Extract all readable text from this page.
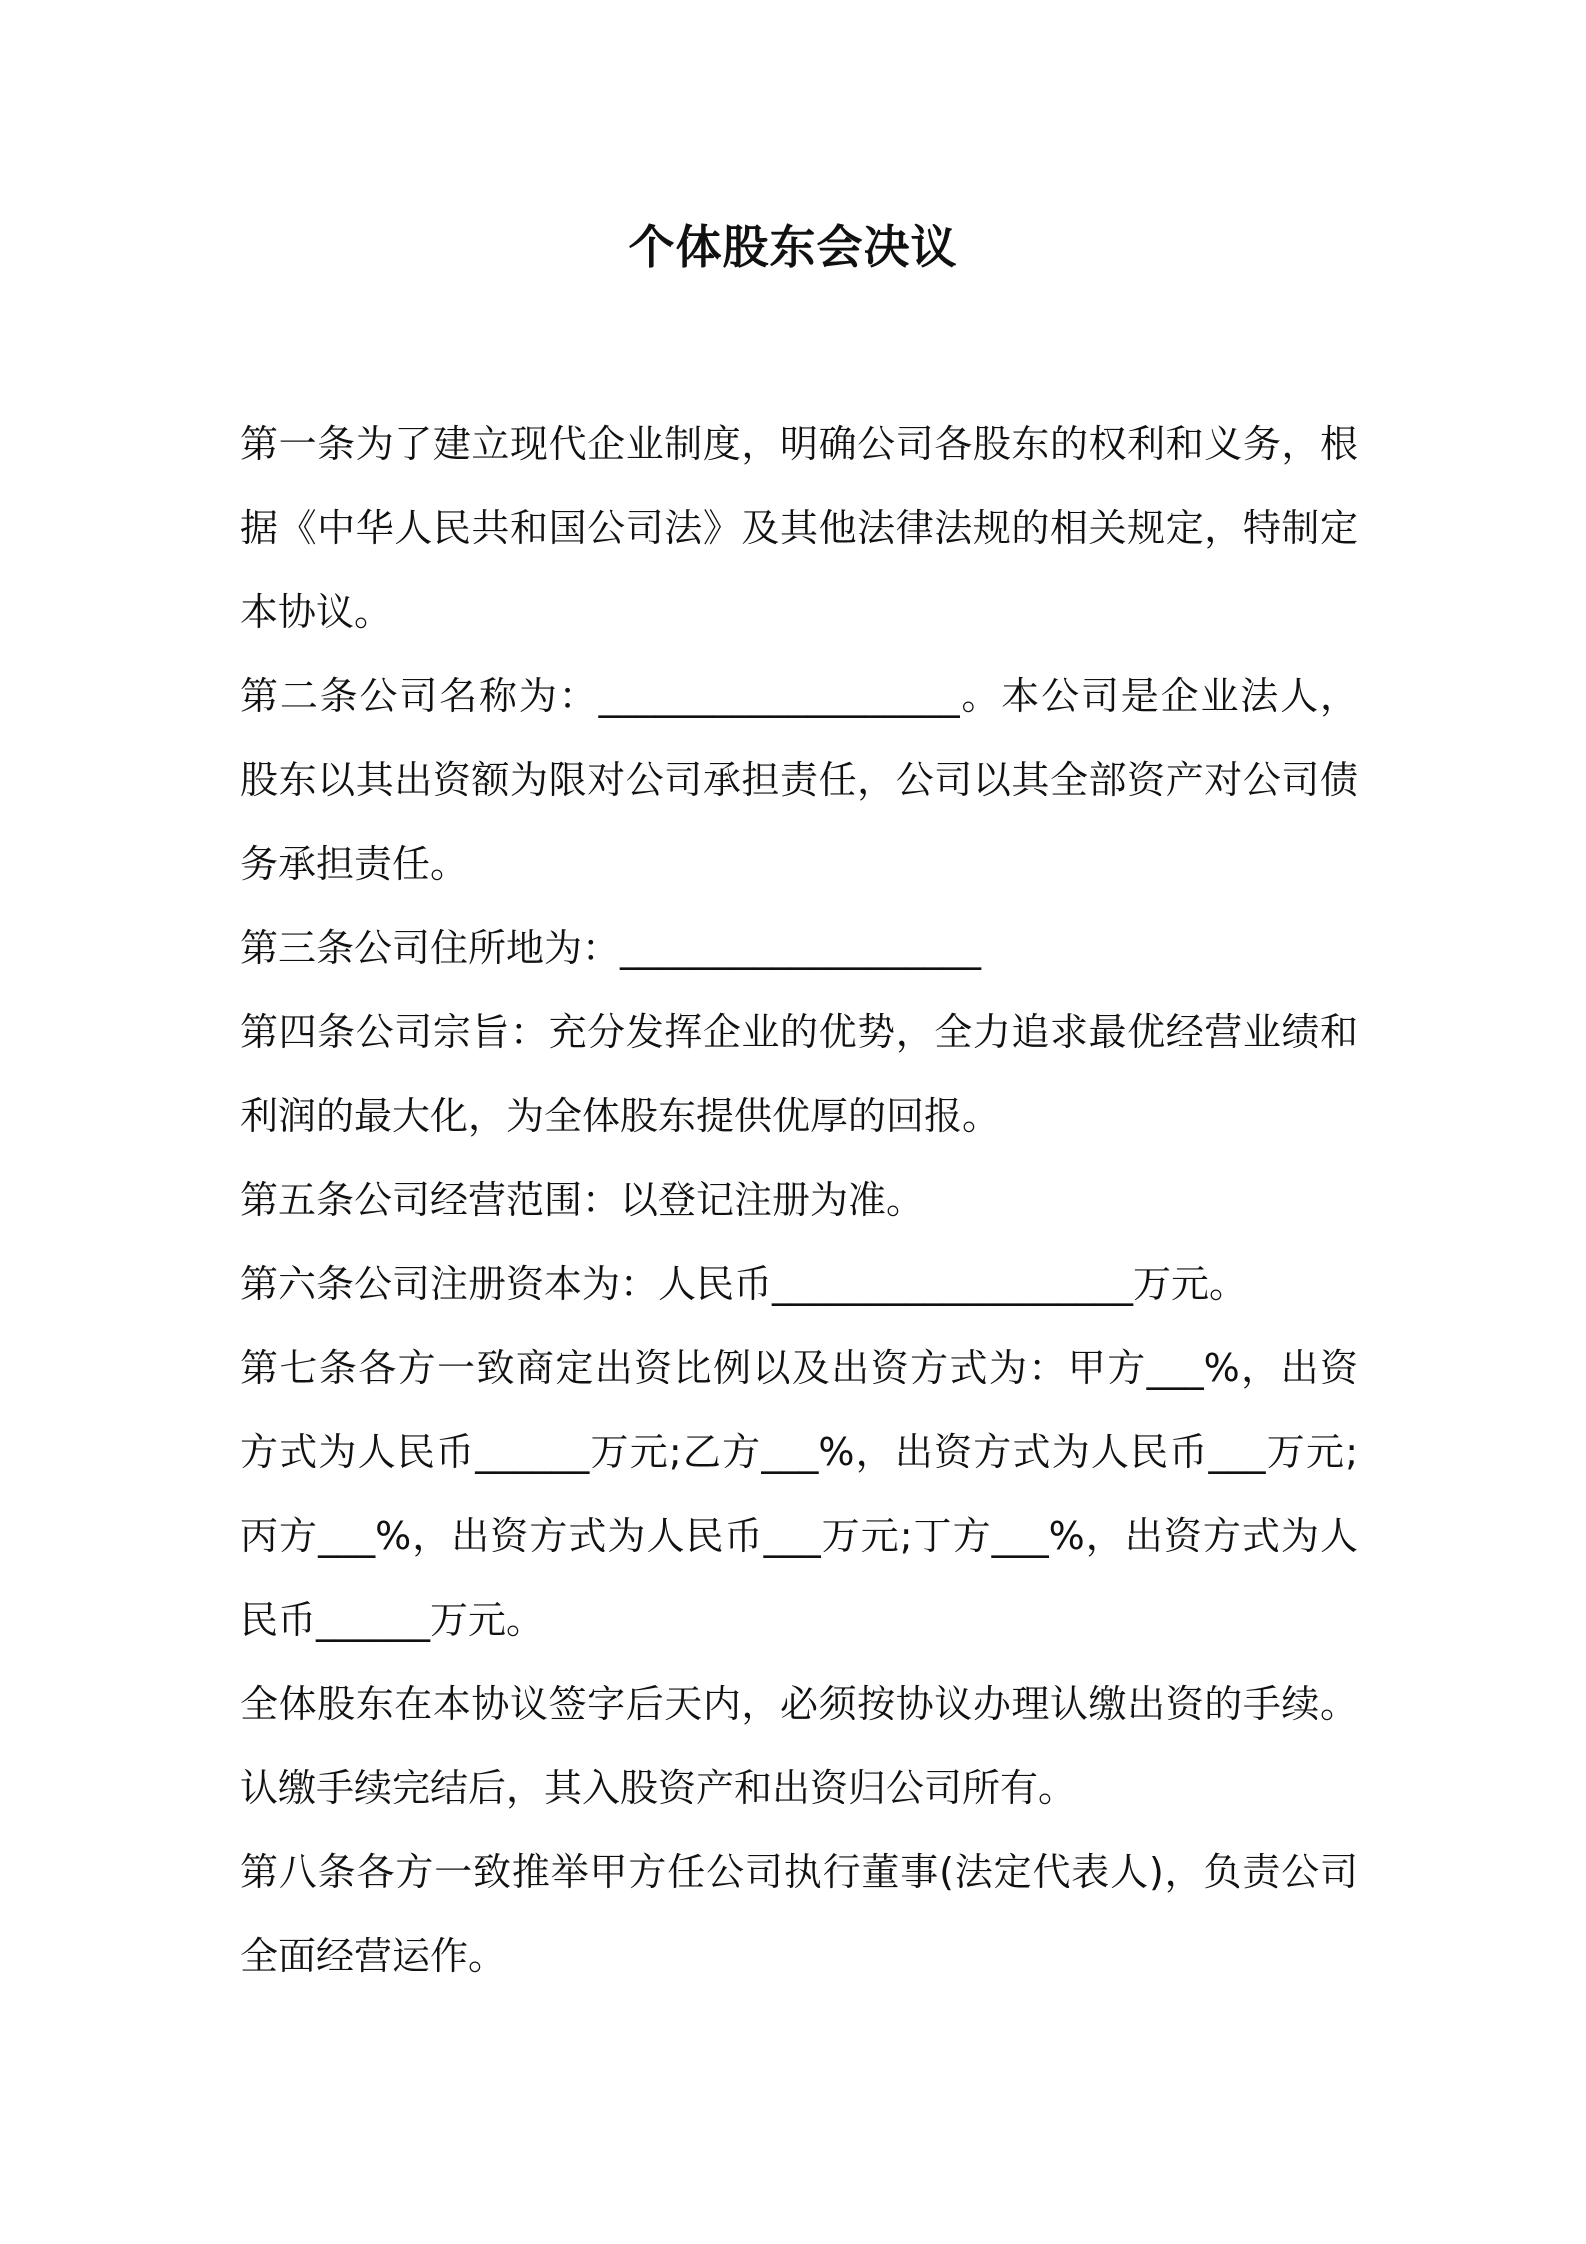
个体股东会决议

第一条为了建立现代企业制度，明确公司各股东的权利和义务，根据《中华人民共和国公司法》及其他法律法规的相关规定，特制定本协议。

第二条公司名称为：___________________。本公司是企业法人，股东以其出资额为限对公司承担责任，公司以其全部资产对公司债务承担责任。

第三条公司住所地为：___________________

第四条公司宗旨：充分发挥企业的优势，全力追求最优经营业绩和利润的最大化，为全体股东提供优厚的回报。

第五条公司经营范围：以登记注册为准。

第六条公司注册资本为：人民币___________________万元。

第七条各方一致商定出资比例以及出资方式为：甲方___%，出资方式为人民币______万元;乙方___%，出资方式为人民币___万元;丙方___%，出资方式为人民币___万元;丁方___%，出资方式为人民币______万元。

全体股东在本协议签字后天内，必须按协议办理认缴出资的手续。认缴手续完结后，其入股资产和出资归公司所有。

第八条各方一致推举甲方任公司执行董事(法定代表人)，负责公司全面经营运作。
